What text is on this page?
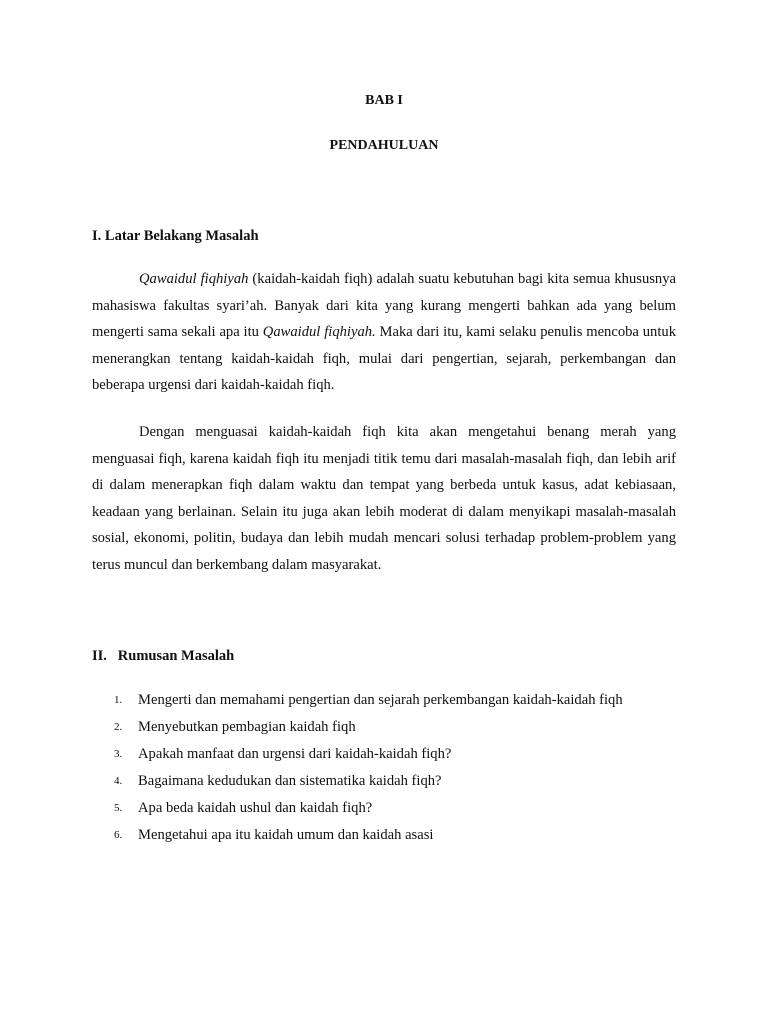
BAB I
PENDAHULUAN
I. Latar Belakang Masalah
Qawaidul fiqhiyah (kaidah-kaidah fiqh) adalah suatu kebutuhan bagi kita semua khususnya mahasiswa fakultas syari’ah. Banyak dari kita yang kurang mengerti bahkan ada yang belum mengerti sama sekali apa itu Qawaidul fiqhiyah. Maka dari itu, kami selaku penulis mencoba untuk menerangkan tentang kaidah-kaidah fiqh, mulai dari pengertian, sejarah, perkembangan dan beberapa urgensi dari kaidah-kaidah fiqh.
Dengan menguasai kaidah-kaidah fiqh kita akan mengetahui benang merah yang menguasai fiqh, karena kaidah fiqh itu menjadi titik temu dari masalah-masalah fiqh, dan lebih arif di dalam menerapkan fiqh dalam waktu dan tempat yang berbeda untuk kasus, adat kebiasaan, keadaan yang berlainan. Selain itu juga akan lebih moderat di dalam menyikapi masalah-masalah sosial, ekonomi, politin, budaya dan lebih mudah mencari solusi terhadap problem-problem yang terus muncul dan berkembang dalam masyarakat.
II.   Rumusan Masalah
1.	Mengerti dan memahami pengertian dan sejarah perkembangan kaidah-kaidah fiqh
2.	Menyebutkan pembagian kaidah fiqh
3.	Apakah manfaat dan urgensi dari kaidah-kaidah fiqh?
4.	Bagaimana kedudukan dan sistematika kaidah fiqh?
5.	Apa beda kaidah ushul dan kaidah fiqh?
6.	Mengetahui apa itu kaidah umum dan kaidah asasi
